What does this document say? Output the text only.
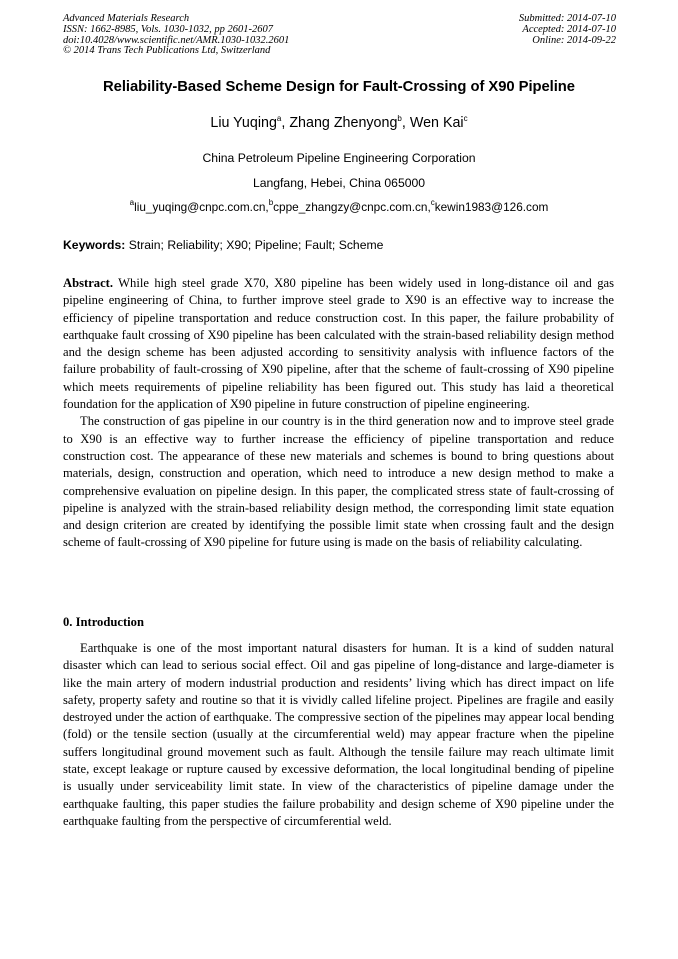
Advanced Materials Research
ISSN: 1662-8985, Vols. 1030-1032, pp 2601-2607
doi:10.4028/www.scientific.net/AMR.1030-1032.2601
© 2014 Trans Tech Publications Ltd, Switzerland
Submitted: 2014-07-10
Accepted: 2014-07-10
Online: 2014-09-22
Reliability-Based Scheme Design for Fault-Crossing of X90 Pipeline
Liu Yuqing$^a$, Zhang Zhenyong$^b$, Wen Kai$^c$
China Petroleum Pipeline Engineering Corporation
Langfang, Hebei, China 065000
$^a$liu_yuqing@cnpc.com.cn,$^b$cppe_zhangzy@cnpc.com.cn,$^c$kewin1983@126.com
Keywords: Strain; Reliability; X90; Pipeline; Fault; Scheme

Abstract. While high steel grade X70, X80 pipeline has been widely used in long-distance oil and gas pipeline engineering of China, to further improve steel grade to X90 is an effective way to increase the efficiency of pipeline transportation and reduce construction cost. In this paper, the failure probability of earthquake fault crossing of X90 pipeline has been calculated with the strain-based reliability design method and the design scheme has been adjusted according to sensitivity analysis with influence factors of the failure probability of fault-crossing of X90 pipeline, after that the scheme of fault-crossing of X90 pipeline which meets requirements of pipeline reliability has been figured out. This study has laid a theoretical foundation for the application of X90 pipeline in future construction of pipeline engineering.

The construction of gas pipeline in our country is in the third generation now and to improve steel grade to X90 is an effective way to further increase the efficiency of pipeline transportation and reduce construction cost. The appearance of these new materials and schemes is bound to bring questions about materials, design, construction and operation, which need to introduce a new design method to make a comprehensive evaluation on pipeline design. In this paper, the complicated stress state of fault-crossing of pipeline is analyzed with the strain-based reliability design method, the corresponding limit state equation and design criterion are created by identifying the possible limit state when crossing fault and the design scheme of fault-crossing of X90 pipeline for future using is made on the basis of reliability calculating.

0. Introduction

Earthquake is one of the most important natural disasters for human. It is a kind of sudden natural disaster which can lead to serious social effect. Oil and gas pipeline of long-distance and large-diameter is like the main artery of modern industrial production and residents’ living which has direct impact on life safety, property safety and routine so that it is vividly called lifeline project. Pipelines are fragile and easily destroyed under the action of earthquake. The compressive section of the pipelines may appear local bending (fold) or the tensile section (usually at the circumferential weld) may appear fracture when the pipeline suffers longitudinal ground movement such as fault. Although the tensile failure may reach ultimate limit state, except leakage or rupture caused by excessive deformation, the local longitudinal bending of pipeline is usually under serviceability limit state. In view of the characteristics of pipeline damage under the earthquake faulting, this paper studies the failure probability and design scheme of X90 pipeline under the earthquake faulting from the perspective of circumferential weld.
